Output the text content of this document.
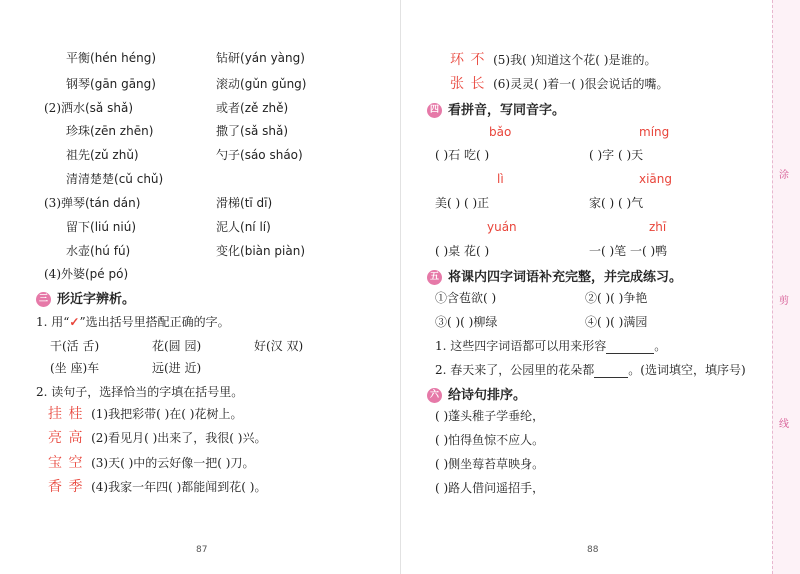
平衡(hén héng)	钻研(yán yàng)
钢琴(gān gāng)	滚动(gǔn gǔng)
(2)洒水(sǎ shǎ)	或者(zě zhě)
珍珠(zēn zhēn)	撒了(sǎ shǎ)
祖先(zǔ zhǔ)	勺子(sáo sháo)
清清楚楚(cǔ chǔ)
(3)弹琴(tán dán)	滑梯(tī dī)
留下(liú niú)	泥人(ní lí)
水壶(hú fú)	变化(biàn piàn)
(4)外婆(pé pó)
三 形近字辨析。
1. 用“✓”选出括号里搭配正确的字。
干(活 舌)	花(圆 园)	好(汉 双)
(坐 座)车	远(进 近)
2. 读句子，选择恰当的字填在括号里。
挂 桂 (1)我把彩带( )在( )花树上。
亮 高 (2)看见月( )出来了，我很( )兴。
宝 空 (3)天( )中的云好像一把( )刀。
香 季 (4)我家一年四( )都能闻到花( )。
87
环 不 (5)我( )知道这个花( )是谁的。
张 长 (6)灵灵( )着一( )很会说话的嘴。
四 看拼音，写同音字。
bǎo	míng
( )石 吃( )	( )字 ( )天
lì	xiāng
美( ) ( )正	家( ) ( )气
yuán	zhī
( )桌 花( )	一( )笔 一( )鸭
五 将课内四字词语补充完整，并完成练习。
①含苞欲( )	②( )( )争艳
③( )( )柳绿	④( )( )满园
1. 这些四字词语都可以用来形容	。
2. 春天来了，公园里的花朵都	。(选词填空，填序号)
六 给诗句排序。
( )蓬头稚子学垂纶，
( )怕得鱼惊不应人。
( )侧坐莓苔草映身。
( )路人借问遥招手，
88
涂
剪
线
